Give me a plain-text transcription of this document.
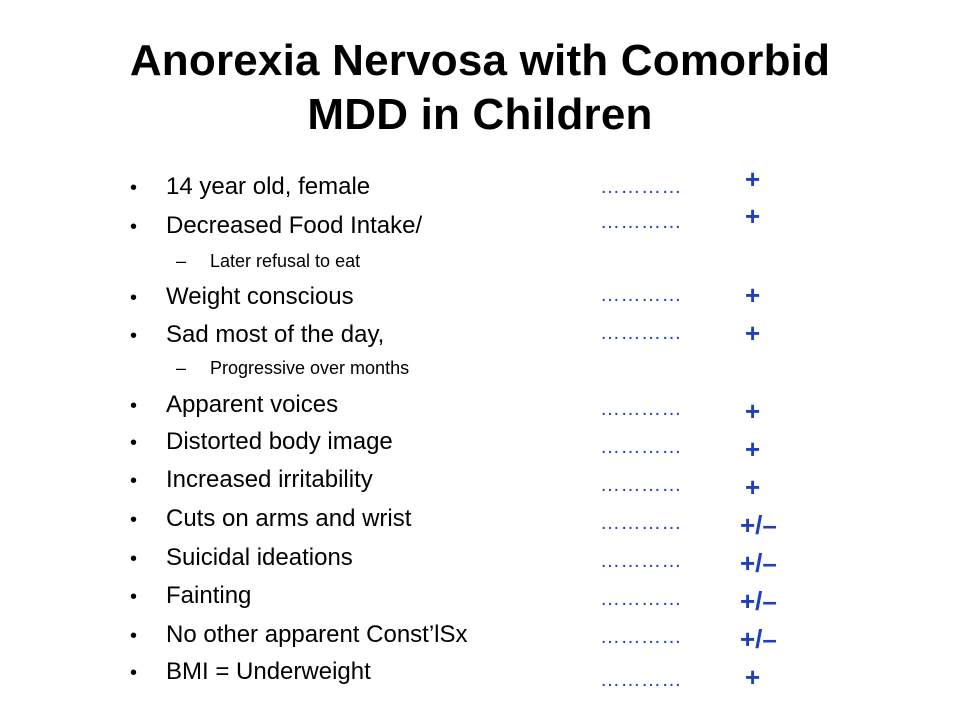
Anorexia Nervosa with Comorbid
MDD in Children
• 14 year old, female	………… +
• Decreased Food Intake/	………… +
– Later refusal to eat
• Weight conscious	………… +
• Sad most of the day,	………… +
– Progressive over months
• Apparent voices	………… +
• Distorted body image	………… +
• Increased irritability	………… +
• Cuts on arms and wrist	………… +/–
• Suicidal ideations	………… +/–
• Fainting	………… +/–
• No other apparent Const’lSx	………… +/–
• BMI = Underweight	………… +
